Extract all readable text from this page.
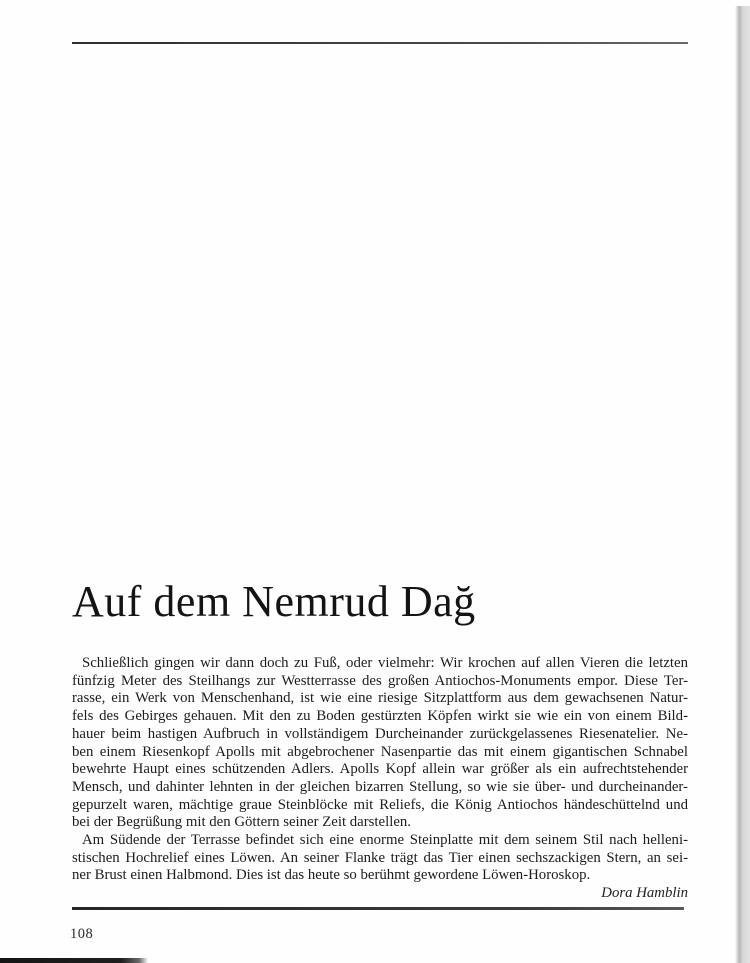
Auf dem Nemrud Dağ
Schließlich gingen wir dann doch zu Fuß, oder vielmehr: Wir krochen auf allen Vieren die letzten
fünfzig Meter des Steilhangs zur Westterrasse des großen Antiochos-Monuments empor. Diese Ter-
rasse, ein Werk von Menschenhand, ist wie eine riesige Sitzplattform aus dem gewachsenen Natur-
fels des Gebirges gehauen. Mit den zu Boden gestürzten Köpfen wirkt sie wie ein von einem Bild-
hauer beim hastigen Aufbruch in vollständigem Durcheinander zurückgelassenes Riesenatelier. Ne-
ben einem Riesenkopf Apolls mit abgebrochener Nasenpartie das mit einem gigantischen Schnabel
bewehrte Haupt eines schützenden Adlers. Apolls Kopf allein war größer als ein aufrechtstehender
Mensch, und dahinter lehnten in der gleichen bizarren Stellung, so wie sie über- und durcheinander-
gepurzelt waren, mächtige graue Steinblöcke mit Reliefs, die König Antiochos händeschüttelnd und
bei der Begrüßung mit den Göttern seiner Zeit darstellen.
Am Südende der Terrasse befindet sich eine enorme Steinplatte mit dem seinem Stil nach helleni-
stischen Hochrelief eines Löwen. An seiner Flanke trägt das Tier einen sechszackigen Stern, an sei-
ner Brust einen Halbmond. Dies ist das heute so berühmt gewordene Löwen-Horoskop.
Dora Hamblin
108
